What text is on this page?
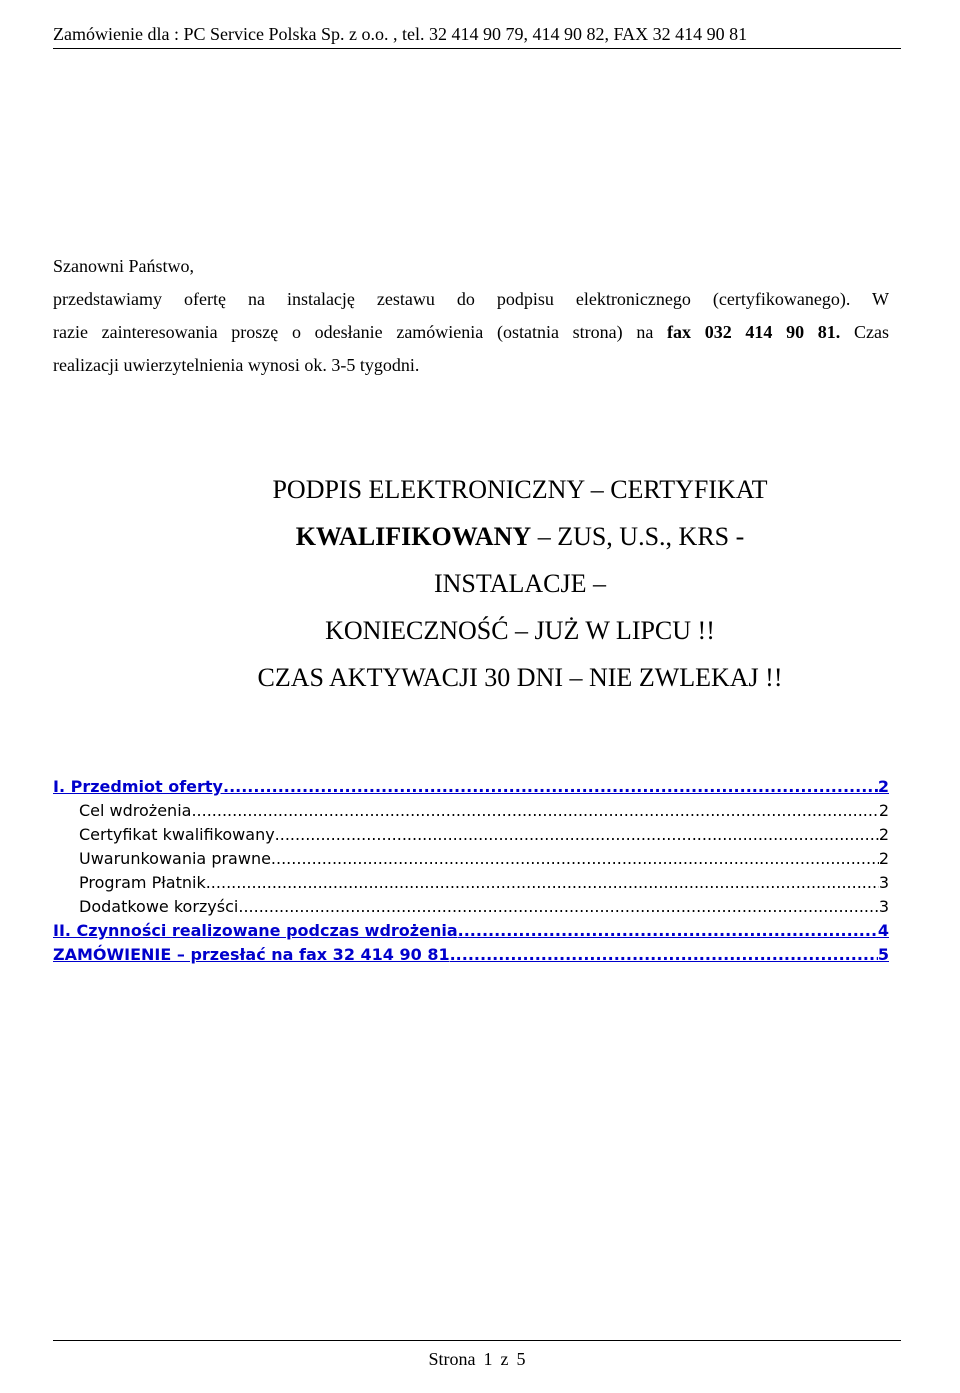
Zamówienie dla : PC Service Polska Sp. z o.o. , tel. 32 414 90 79, 414 90 82, FAX 32 414 90 81
Szanowni Państwo,
przedstawiamy ofertę na instalację zestawu do podpisu elektronicznego (certyfikowanego). W
razie zainteresowania proszę o odesłanie zamówienia (ostatnia strona) na fax 032 414 90 81. Czas
realizacji uwierzytelnienia wynosi ok. 3-5 tygodni.
PODPIS ELEKTRONICZNY – CERTYFIKAT
KWALIFIKOWANY – ZUS, U.S., KRS -
INSTALACJE –
KONIECZNOŚĆ – JUŻ W LIPCU !!
CZAS AKTYWACJI 30 DNI – NIE ZWLEKAJ !!
I. Przedmiot oferty .....	2
Cel wdrożenia .....	2
Certyfikat kwalifikowany .....	2
Uwarunkowania prawne .....	2
Program Płatnik .....	3
Dodatkowe korzyści .....	3
II. Czynności realizowane podczas wdrożenia .....	4
ZAMÓWIENIE – przesłać na fax 32 414 90 81 .....	5
Strona 1 z 5
